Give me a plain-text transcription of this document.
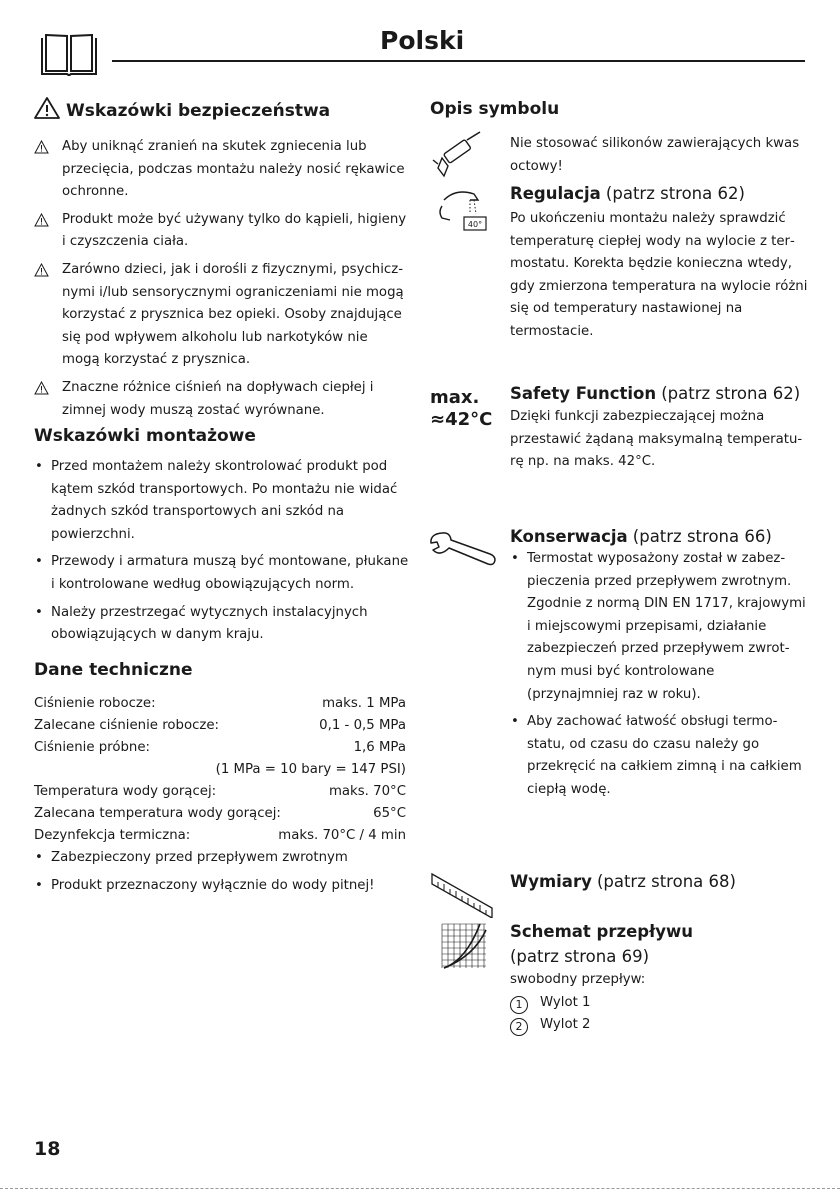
Polski
Wskazówki bezpieczeństwa
Aby uniknąć zranień na skutek zgniecenia lub przecięcia, podczas montażu należy nosić rękawice ochronne.
Produkt może być używany tylko do kąpieli, higieny i czyszczenia ciała.
Zarówno dzieci, jak i dorośli z fizycznymi, psychicznymi i/lub sensorycznymi ograniczeniami nie mogą korzystać z prysznica bez opieki. Osoby znajdujące się pod wpływem alkoholu lub narkotyków nie mogą korzystać z prysznica.
Znaczne różnice ciśnień na dopływach ciepłej i zimnej wody muszą zostać wyrównane.
Wskazówki montażowe
• Przed montażem należy skontrolować produkt pod kątem szkód transportowych. Po montażu nie widać żadnych szkód transportowych ani szkód na powierzchni.
• Przewody i armatura muszą być montowane, płukane i kontrolowane według obowiązujących norm.
• Należy przestrzegać wytycznych instalacyjnych obowiązujących w danym kraju.
Dane techniczne
Ciśnienie robocze:	maks. 1 MPa
Zalecane ciśnienie robocze:	0,1 - 0,5 MPa
Ciśnienie próbne:	1,6 MPa
(1 MPa = 10 bary = 147 PSI)
Temperatura wody gorącej:	maks. 70°C
Zalecana temperatura wody gorącej:	65°C
Dezynfekcja termiczna:	maks. 70°C / 4 min
• Zabezpieczony przed przepływem zwrotnym
• Produkt przeznaczony wyłącznie do wody pitnej!
Opis symbolu
Nie stosować silikonów zawierających kwas octowy!
40°
Regulacja (patrz strona 62)
Po ukończeniu montażu należy sprawdzić temperaturę ciepłej wody na wylocie z termostatu. Korekta będzie konieczna wtedy, gdy zmierzona temperatura na wylocie różni się od temperatury nastawionej na termostacie.
max.
≈42°C
Safety Function (patrz strona 62)
Dzięki funkcji zabezpieczającej można przestawić żądaną maksymalną temperaturę np. na maks. 42°C.
Konserwacja (patrz strona 66)
• Termostat wyposażony został w zabezpieczenia przed przepływem zwrotnym. Zgodnie z normą DIN EN 1717, krajowymi i miejscowymi przepisami, działanie zabezpieczeń przed przepływem zwrotnym musi być kontrolowane (przynajmniej raz w roku).
• Aby zachować łatwość obsługi termostatu, od czasu do czasu należy go przekręcić na całkiem zimną i na całkiem ciepłą wodę.
Wymiary (patrz strona 68)
Schemat przepływu
(patrz strona 69)
swobodny przepływ:
1 Wylot 1
2 Wylot 2
18
